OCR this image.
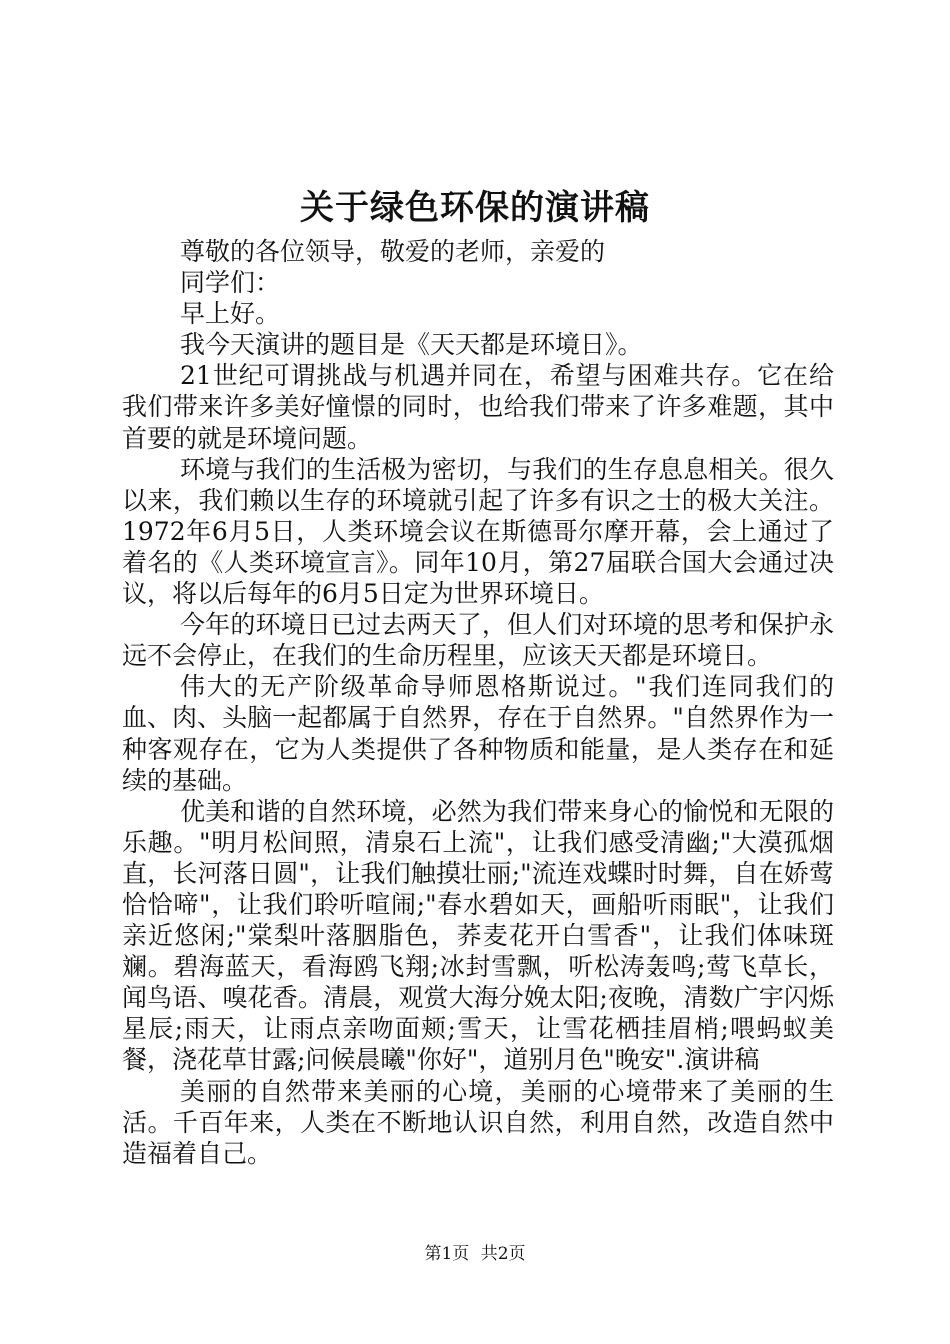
关于绿色环保的演讲稿

尊敬的各位领导，敬爱的老师，亲爱的

同学们：

早上好。

我今天演讲的题目是《天天都是环境日》。

21世纪可谓挑战与机遇并同在，希望与困难共存。它在给我们带来许多美好憧憬的同时，也给我们带来了许多难题，其中首要的就是环境问题。

环境与我们的生活极为密切，与我们的生存息息相关。很久以来，我们赖以生存的环境就引起了许多有识之士的极大关注。1972年6月5日，人类环境会议在斯德哥尔摩开幕，会上通过了着名的《人类环境宣言》。同年10月，第27届联合国大会通过决议，将以后每年的6月5日定为世界环境日。

今年的环境日已过去两天了，但人们对环境的思考和保护永远不会停止，在我们的生命历程里，应该天天都是环境日。

伟大的无产阶级革命导师恩格斯说过。"我们连同我们的血、肉、头脑一起都属于自然界，存在于自然界。"自然界作为一种客观存在，它为人类提供了各种物质和能量，是人类存在和延续的基础。

优美和谐的自然环境，必然为我们带来身心的愉悦和无限的乐趣。"明月松间照，清泉石上流"，让我们感受清幽;"大漠孤烟直，长河落日圆"，让我们触摸壮丽;"流连戏蝶时时舞，自在娇莺恰恰啼"，让我们聆听喧闹;"春水碧如天，画船听雨眠"，让我们亲近悠闲;"棠梨叶落胭脂色，荞麦花开白雪香"，让我们体味斑斓。碧海蓝天，看海鸥飞翔;冰封雪飘，听松涛轰鸣;莺飞草长，闻鸟语、嗅花香。清晨，观赏大海分娩太阳;夜晚，清数广宇闪烁星辰;雨天，让雨点亲吻面颊;雪天，让雪花栖挂眉梢;喂蚂蚁美餐，浇花草甘露;问候晨曦"你好"，道别月色"晚安".演讲稿

美丽的自然带来美丽的心境，美丽的心境带来了美丽的生活。千百年来，人类在不断地认识自然，利用自然，改造自然中造福着自己。

第1页 共2页
